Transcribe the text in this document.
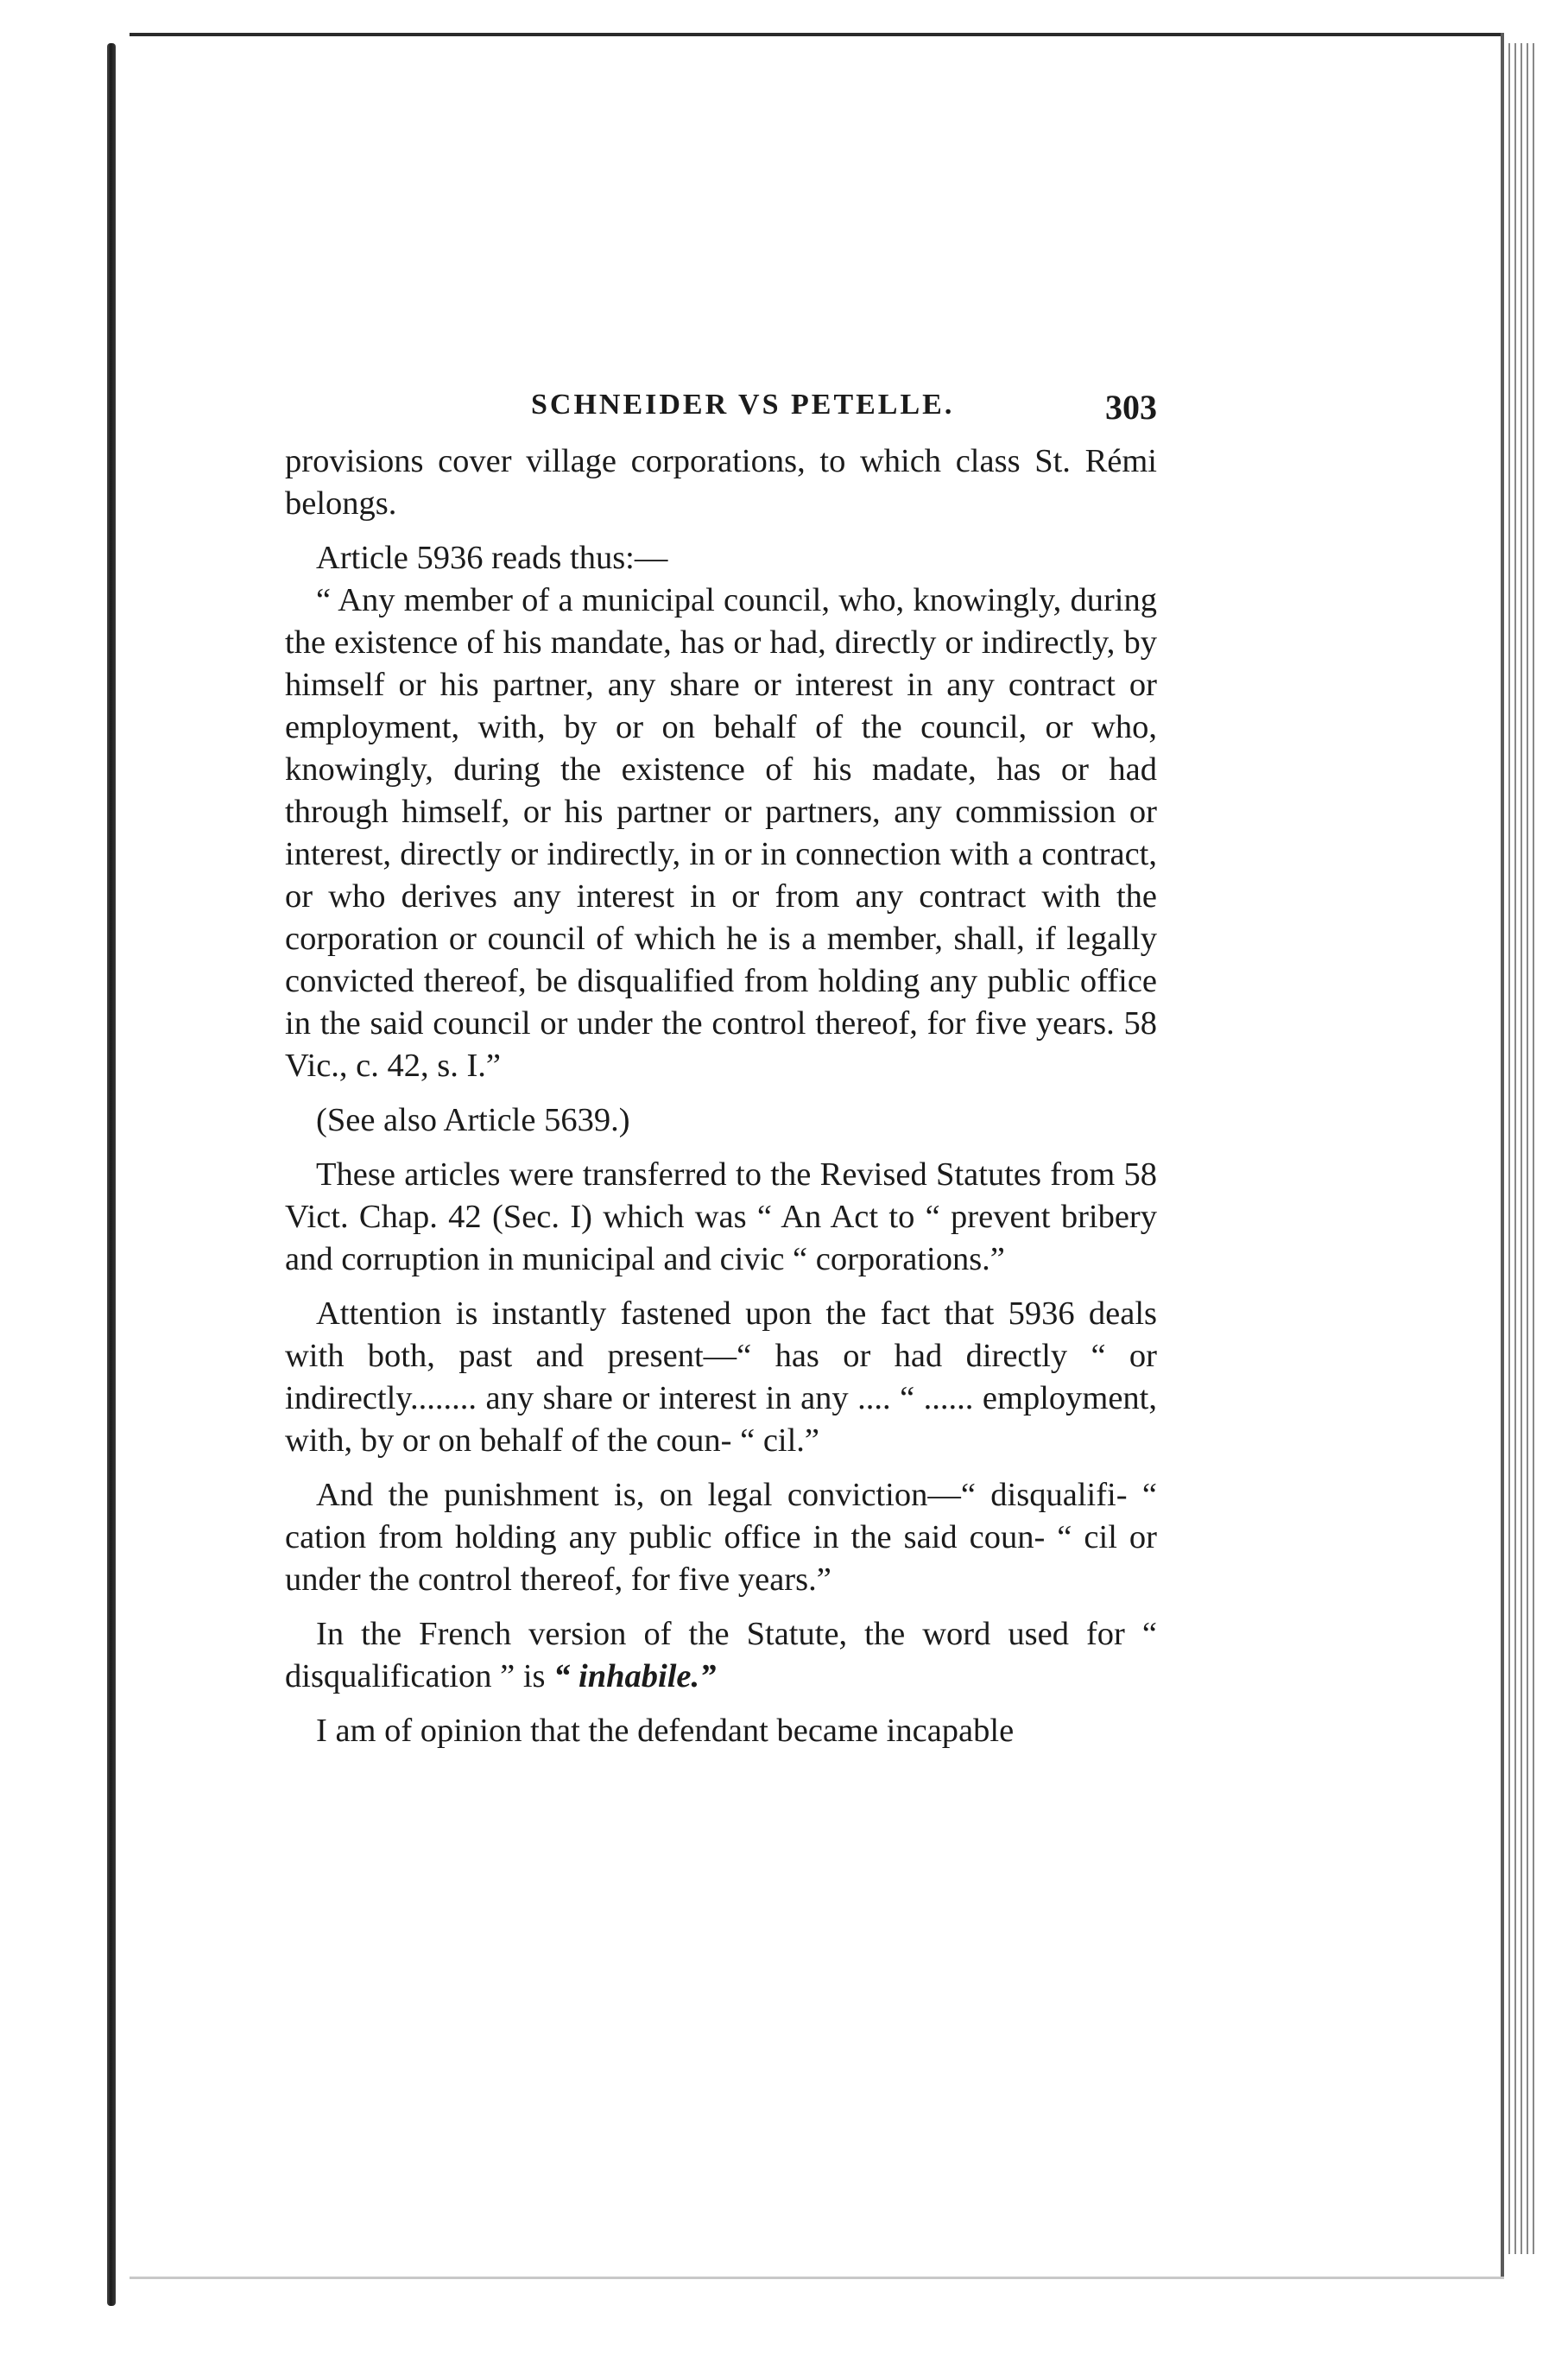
SCHNEIDER VS PETELLE.	303

provisions cover village corporations, to which class St. Rémi belongs.

Article 5936 reads thus:—

“ Any member of a municipal council, who, knowingly, during the existence of his mandate, has or had, directly or indirectly, by himself or his partner, any share or interest in any contract or employment, with, by or on behalf of the council, or who, knowingly, during the existence of his madate, has or had through himself, or his partner or partners, any commission or interest, directly or indirectly, in or in connection with a contract, or who derives any interest in or from any contract with the corporation or council of which he is a member, shall, if legally convicted thereof, be disqualified from holding any public office in the said council or under the control thereof, for five years. 58 Vic., c. 42, s. I.”

(See also Article 5639.)

These articles were transferred to the Revised Statutes from 58 Vict. Chap. 42 (Sec. I) which was “ An Act to “ prevent bribery and corruption in municipal and civic “ corporations.”

Attention is instantly fastened upon the fact that 5936 deals with both, past and present—“ has or had directly “ or indirectly........ any share or interest in any .... “ ...... employment, with, by or on behalf of the coun- “ cil.”

And the punishment is, on legal conviction—“ disqualifi- “ cation from holding any public office in the said coun- “ cil or under the control thereof, for five years.”

In the French version of the Statute, the word used for “ disqualification ” is “ inhabile.”

I am of opinion that the defendant became incapable
